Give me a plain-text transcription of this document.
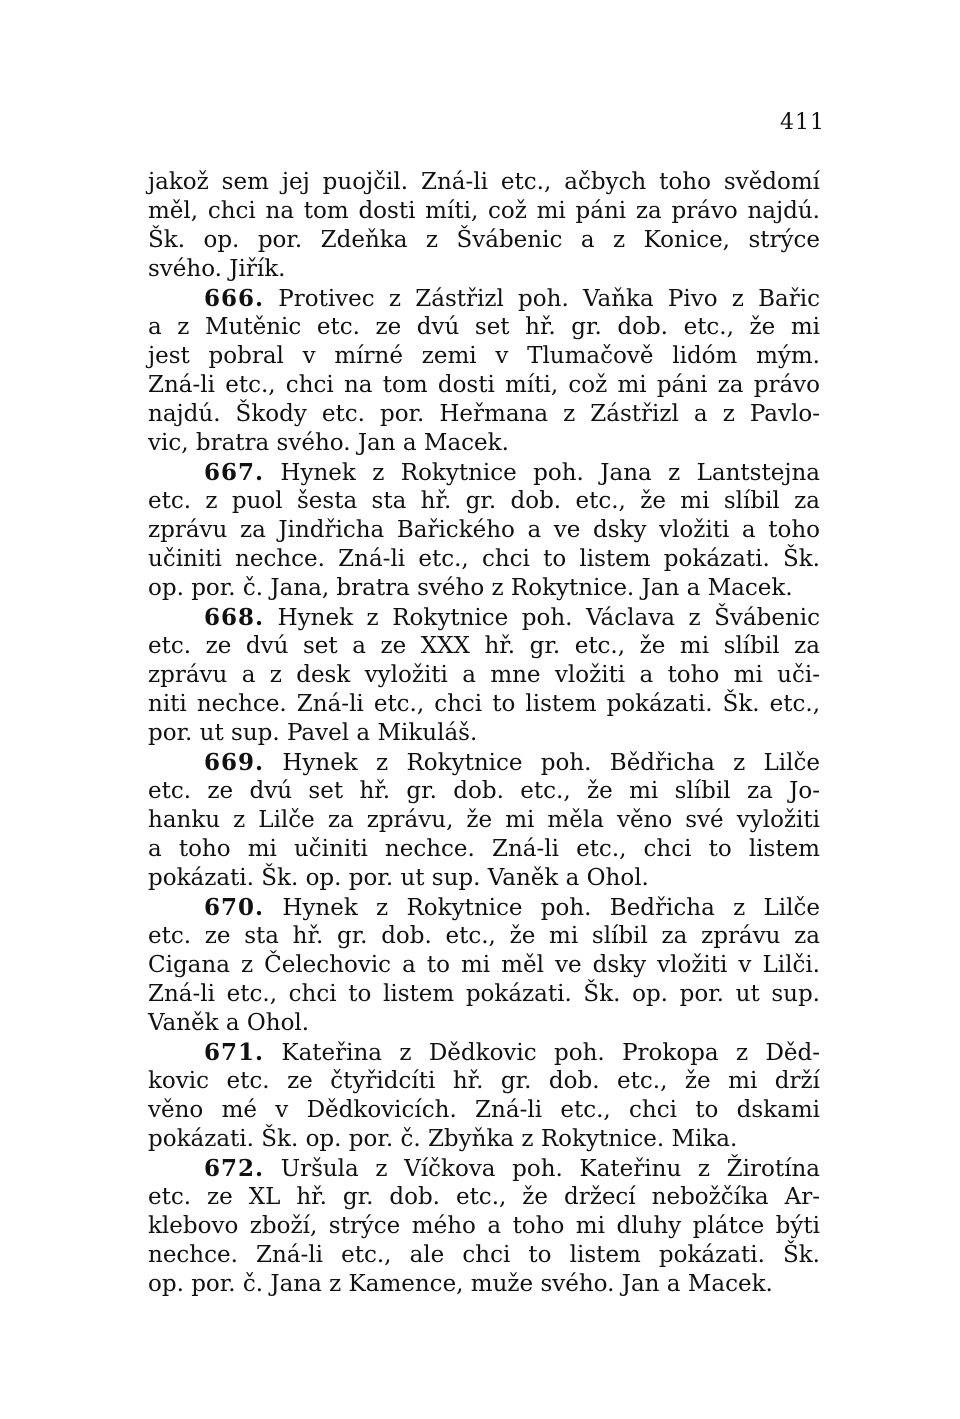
411
jakož sem jej puojčil. Zná-li etc., ačbych toho svědomí
měl, chci na tom dosti míti, což mi páni za právo najdú.
Šk. op. por. Zdeňka z Švábenic a z Konice, strýce
svého. Jiřík.
666. Protivec z Zástřizl poh. Vaňka Pivo z Bařic
a z Mutěnic etc. ze dvú set hř. gr. dob. etc., že mi
jest pobral v mírné zemi v Tlumačově lidóm mým.
Zná-li etc., chci na tom dosti míti, což mi páni za právo
najdú. Škody etc. por. Heřmana z Zástřizl a z Pavlo-
vic, bratra svého. Jan a Macek.
667. Hynek z Rokytnice poh. Jana z Lantstejna
etc. z puol šesta sta hř. gr. dob. etc., že mi slíbil za
zprávu za Jindřicha Bařického a ve dsky vložiti a toho
učiniti nechce. Zná-li etc., chci to listem pokázati. Šk.
op. por. č. Jana, bratra svého z Rokytnice. Jan a Macek.
668. Hynek z Rokytnice poh. Václava z Švábenic
etc. ze dvú set a ze XXX hř. gr. etc., že mi slíbil za
zprávu a z desk vyložiti a mne vložiti a toho mi uči-
niti nechce. Zná-li etc., chci to listem pokázati. Šk. etc.,
por. ut sup. Pavel a Mikuláš.
669. Hynek z Rokytnice poh. Bědřicha z Lilče
etc. ze dvú set hř. gr. dob. etc., že mi slíbil za Jo-
hanku z Lilče za zprávu, že mi měla věno své vyložiti
a toho mi učiniti nechce. Zná-li etc., chci to listem
pokázati. Šk. op. por. ut sup. Vaněk a Ohol.
670. Hynek z Rokytnice poh. Bedřicha z Lilče
etc. ze sta hř. gr. dob. etc., že mi slíbil za zprávu za
Cigana z Čelechovic a to mi měl ve dsky vložiti v Lilči.
Zná-li etc., chci to listem pokázati. Šk. op. por. ut sup.
Vaněk a Ohol.
671. Kateřina z Dědkovic poh. Prokopa z Děd-
kovic etc. ze čtyřidcíti hř. gr. dob. etc., že mi drží
věno mé v Dědkovicích. Zná-li etc., chci to dskami
pokázati. Šk. op. por. č. Zbyňka z Rokytnice. Mika.
672. Uršula z Víčkova poh. Kateřinu z Žirotína
etc. ze XL hř. gr. dob. etc., že držecí nebožčíka Ar-
klebovo zboží, strýce mého a toho mi dluhy plátce býti
nechce. Zná-li etc., ale chci to listem pokázati. Šk.
op. por. č. Jana z Kamence, muže svého. Jan a Macek.
